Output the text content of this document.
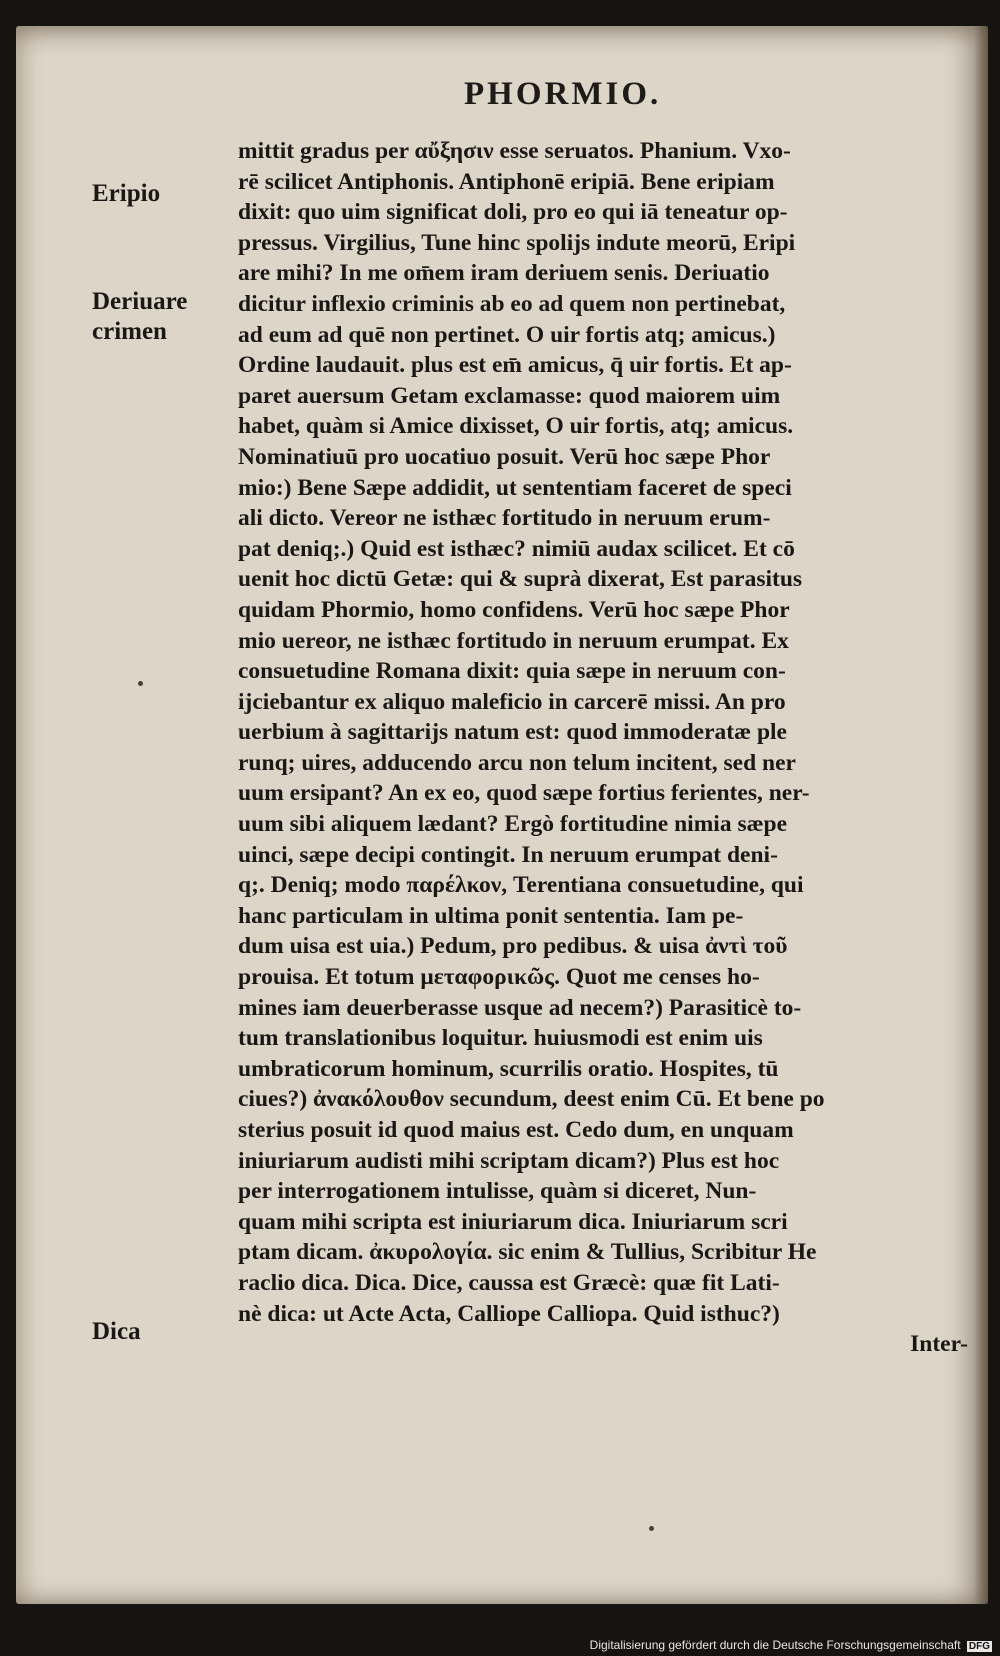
PHORMIO.
Eripio
Deriuare
crimen
Dica
mittit gradus per αὔξησιν esse seruatos. Phanium. Vxo-
rē scilicet Antiphonis. Antiphonē eripiā. Bene eripiam
dixit: quo uim significat doli, pro eo qui iā teneatur op-
pressus. Virgilius, Tune hinc spolijs indute meorū, Eripi
are mihi? In me om̄em iram deriuem senis. Deriuatio
dicitur inflexio criminis ab eo ad quem non pertinebat,
ad eum ad quē non pertinet. O uir fortis atq; amicus.)
Ordine laudauit. plus est em̄ amicus, q̄ uir fortis. Et ap-
paret auersum Getam exclamasse: quod maiorem uim
habet, quàm si Amice dixisset, O uir fortis, atq; amicus.
Nominatiuū pro uocatiuo posuit. Verū hoc sæpe Phor
mio:) Bene Sæpe addidit, ut sententiam faceret de speci
ali dicto. Vereor ne isthæc fortitudo in neruum erum-
pat deniq;.) Quid est isthæc? nimiū audax scilicet. Et cō
uenit hoc dictū Getæ: qui & suprà dixerat, Est parasitus
quidam Phormio, homo confidens. Verū hoc sæpe Phor
mio uereor, ne isthæc fortitudo in neruum erumpat. Ex
consuetudine Romana dixit: quia sæpe in neruum con-
ijciebantur ex aliquo maleficio in carcerē missi. An pro
uerbium à sagittarijs natum est: quod immoderatæ ple
runq; uires, adducendo arcu non telum incitent, sed ner
uum ersipant? An ex eo, quod sæpe fortius ferientes, ner-
uum sibi aliquem lædant? Ergò fortitudine nimia sæpe
uinci, sæpe decipi contingit. In neruum erumpat deni-
q;. Deniq; modo παρέλκον, Terentiana consuetudine, qui
hanc particulam in ultima ponit sententia. Iam pe-
dum uisa est uia.) Pedum, pro pedibus. & uisa ἀντὶ τοῦ
prouisa. Et totum μεταφορικῶς. Quot me censes ho-
mines iam deuerberasse usque ad necem?) Parasiticè to-
tum translationibus loquitur. huiusmodi est enim uis
umbraticorum hominum, scurrilis oratio. Hospites, tū
ciues?) ἀνακόλουθον secundum, deest enim Cū. Et bene po
sterius posuit id quod maius est. Cedo dum, en unquam
iniuriarum audisti mihi scriptam dicam?) Plus est hoc
per interrogationem intulisse, quàm si diceret, Nun-
quam mihi scripta est iniuriarum dica. Iniuriarum scri
ptam dicam. ἀκυρολογία. sic enim & Tullius, Scribitur He
raclio dica. Dica. Dice, caussa est Græcè: quæ fit Lati-
nè dica: ut Acte Acta, Calliope Calliopa. Quid isthuc?)
Inter-
Digitalisierung gefördert durch die Deutsche Forschungsgemeinschaft DFG
